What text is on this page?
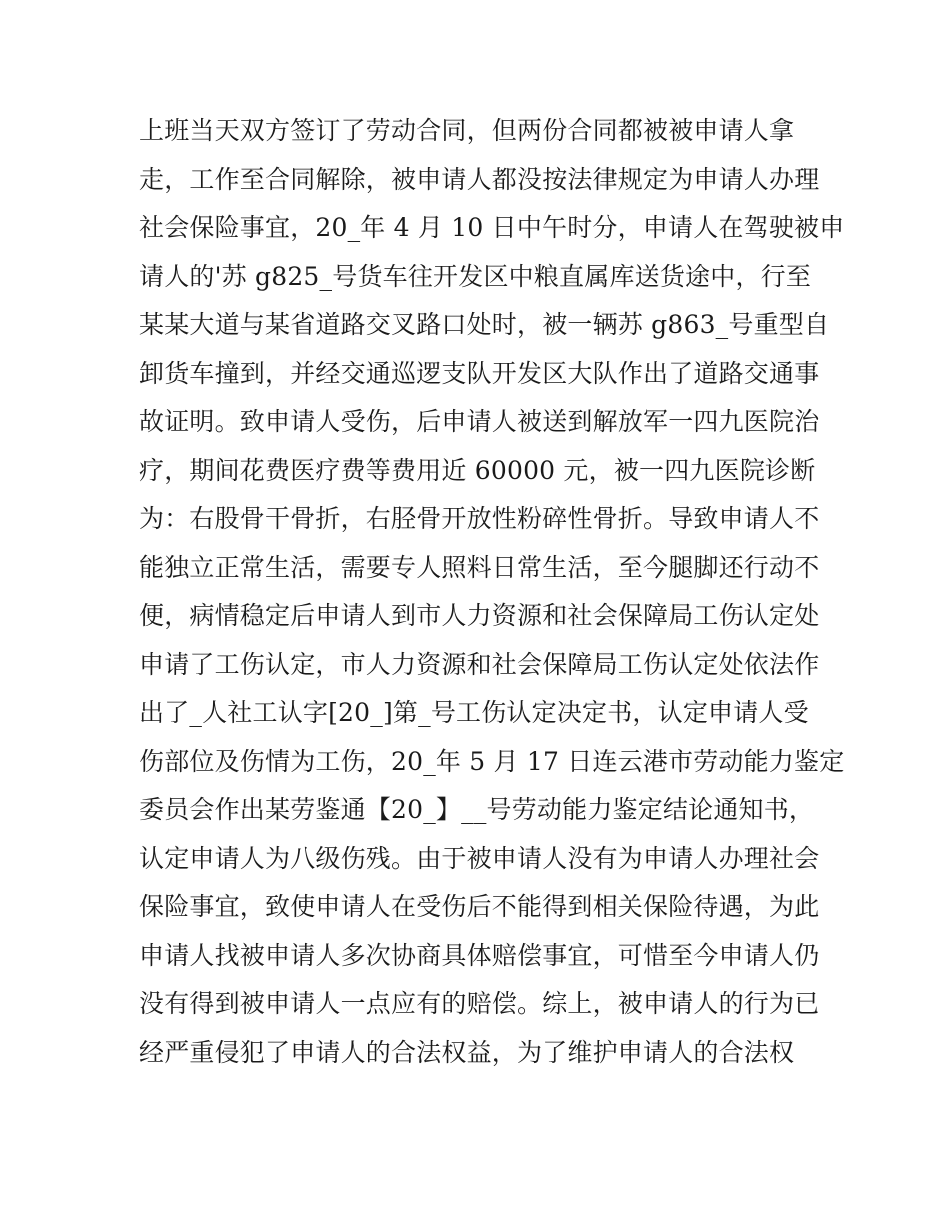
上班当天双方签订了劳动合同，但两份合同都被被申请人拿
走，工作至合同解除，被申请人都没按法律规定为申请人办理
社会保险事宜，20_年 4 月 10 日中午时分，申请人在驾驶被申
请人的'苏 g825_号货车往开发区中粮直属库送货途中，行至
某某大道与某省道路交叉路口处时，被一辆苏 g863_号重型自
卸货车撞到，并经交通巡逻支队开发区大队作出了道路交通事
故证明。致申请人受伤，后申请人被送到解放军一四九医院治
疗，期间花费医疗费等费用近 60000 元，被一四九医院诊断
为：右股骨干骨折，右胫骨开放性粉碎性骨折。导致申请人不
能独立正常生活，需要专人照料日常生活，至今腿脚还行动不
便，病情稳定后申请人到市人力资源和社会保障局工伤认定处
申请了工伤认定，市人力资源和社会保障局工伤认定处依法作
出了_人社工认字[20_]第_号工伤认定决定书，认定申请人受
伤部位及伤情为工伤，20_年 5 月 17 日连云港市劳动能力鉴定
委员会作出某劳鉴通【20_】__号劳动能力鉴定结论通知书，
认定申请人为八级伤残。由于被申请人没有为申请人办理社会
保险事宜，致使申请人在受伤后不能得到相关保险待遇，为此
申请人找被申请人多次协商具体赔偿事宜，可惜至今申请人仍
没有得到被申请人一点应有的赔偿。综上，被申请人的行为已
经严重侵犯了申请人的合法权益，为了维护申请人的合法权
